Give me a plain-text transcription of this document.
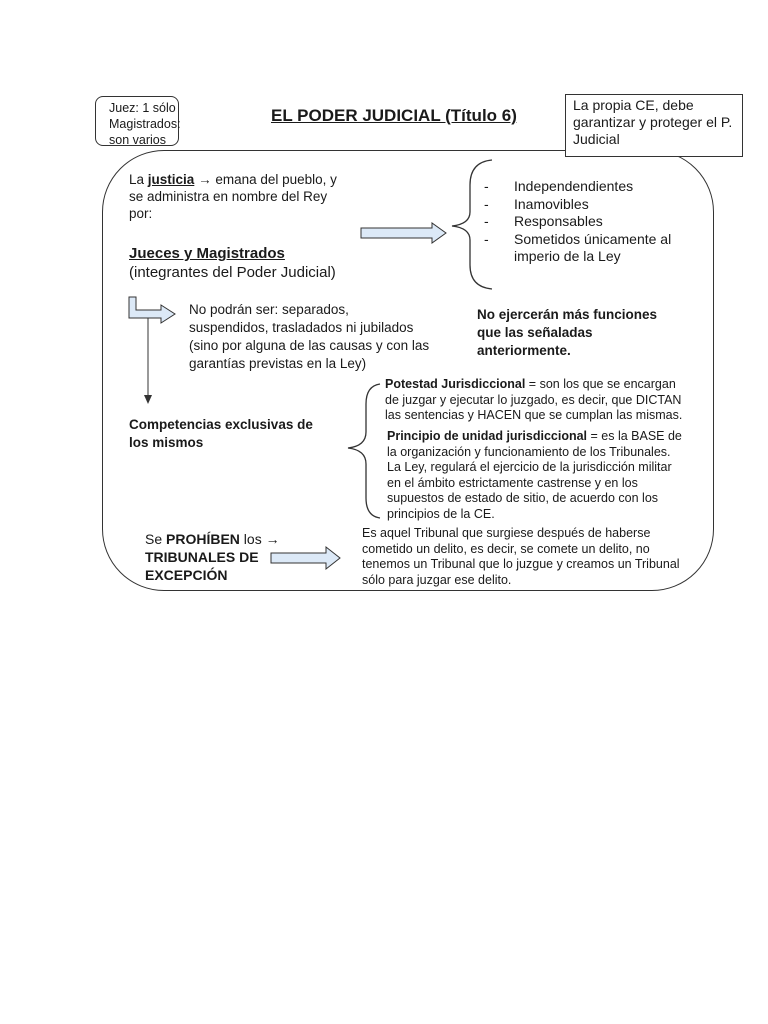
Juez: 1 sólo
Magistrados:
son varios
EL PODER JUDICIAL (Título 6)
La propia CE, debe
garantizar y proteger el P.
Judicial
La justicia → emana del pueblo, y
se administra en nombre del Rey
por:
Jueces y Magistrados
(integrantes del Poder Judicial)
-	Independendientes
-	Inamovibles
-	Responsables
-	Sometidos únicamente al
imperio de la Ley
No podrán ser: separados,
suspendidos, trasladados ni jubilados
(sino por alguna de las causas y con las
garantías previstas en la Ley)
No ejercerán más funciones
que las señaladas
anteriormente.
Competencias exclusivas de
los mismos
Potestad Jurisdiccional = son los que se encargan
de juzgar y ejecutar lo juzgado, es decir, que DICTAN
las sentencias y HACEN que se cumplan las mismas.
Principio de unidad jurisdiccional = es la BASE de
la organización y funcionamiento de los Tribunales.
La Ley, regulará el ejercicio de la jurisdicción militar
en el ámbito estrictamente castrense y en los
supuestos de estado de sitio, de acuerdo con los
principios de la CE.
Se PROHÍBEN los →
TRIBUNALES DE
EXCEPCIÓN
Es aquel Tribunal que surgiese después de haberse
cometido un delito, es decir, se comete un delito, no
tenemos un Tribunal que lo juzgue y creamos un Tribunal
sólo para juzgar ese delito.
